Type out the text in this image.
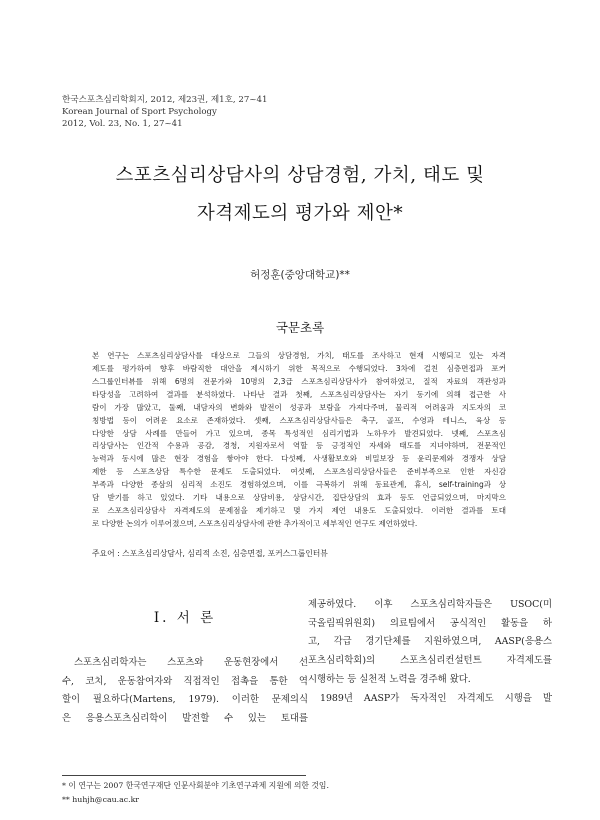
한국스포츠심리학회지, 2012, 제23권, 제1호, 27~41
Korean Journal of Sport Psychology
2012, Vol. 23, No. 1, 27~41
스포츠심리상담사의 상담경험, 가치, 태도 및
자격제도의 평가와 제안*
허정훈(중앙대학교)**
국문초록
본 연구는 스포츠심리상담사를 대상으로 그들의 상담경험, 가치, 태도를 조사하고 현재 시행되고 있는 자격
제도를 평가하여 향후 바람직한 대안을 제시하기 위한 목적으로 수행되었다. 3차에 걸친 심층면접과 포커
스그룹인터뷰를 위해 6명의 전문가와 10명의 2,3급 스포츠심리상담사가 참여하였고, 질적 자료의 객관성과
타당성을 고려하여 결과를 분석하였다. 나타난 결과 첫째, 스포츠심리상담사는 자기 동기에 의해 접근한 사
람이 가장 많았고, 둘째, 내담자의 변화와 발전이 성공과 보람을 가져다주며, 물리적 어려움과 지도자의 코
칭방법 등이 어려운 요소로 존재하였다. 셋째, 스포츠심리상담사들은 축구, 골프, 수영과 테니스, 육상 등
다양한 상담 사례를 만들어 가고 있으며, 종목 특성적인 심리기법과 노하우가 발견되었다. 넷째, 스포츠심
리상담사는 인간적 수용과 공감, 경청, 지원자로서 역할 등 긍정적인 자세와 태도를 지녀야하며, 전문적인
능력과 동시에 많은 현장 경험을 쌓아야 한다. 다섯째, 사생활보호와 비밀보장 등 윤리문제와 경쟁자 상담
제한 등 스포츠상담 특수한 문제도 도출되었다. 여섯째, 스포츠심리상담사들은 준비부족으로 인한 자신감
부족과 다양한 종삼의 심리적 소진도 경험하였으며, 이를 극복하기 위해 동료관계, 휴식, self-training과 상
담 받기를 하고 있었다. 기타 내용으로 상담비용, 상담시간, 집단상담의 효과 등도 언급되었으며, 마지막으
로 스포츠심리상담사 자격제도의 문제점을 제기하고 몇 가지 제언 내용도 도출되었다. 이러한 결과를 토대
로 다양한 논의가 이루어졌으며, 스포츠심리상담사에 관한 추가적이고 세부적인 연구도 제언하였다.
주요어 : 스포츠심리상담사, 심리적 소진, 심층면접, 포커스그룹인터뷰
I. 서 론
스포츠심리학자는 스포츠와 운동현장에서 선
수, 코치, 운동참여자와 직접적인 접촉을 통한 역
할이 필요하다(Martens, 1979). 이러한 문제의식
은 응용스포츠심리학이 발전할 수 있는 토대를
제공하였다. 이후 스포츠심리학자들은 USOC(미
국올림픽위원회) 의료팀에서 공식적인 활동을 하
고, 각급 경기단체를 지원하였으며, AASP(응용스
포츠심리학회)의 스포츠심리컨설턴트 자격제도를
시행하는 등 실천적 노력을 경주해 왔다.
1989년 AASP가 독자적인 자격제도 시행을 발
* 이 연구는 2007 한국연구재단 인문사회분야 기초연구과제 지원에 의한 것임.
** huhjh@cau.ac.kr
